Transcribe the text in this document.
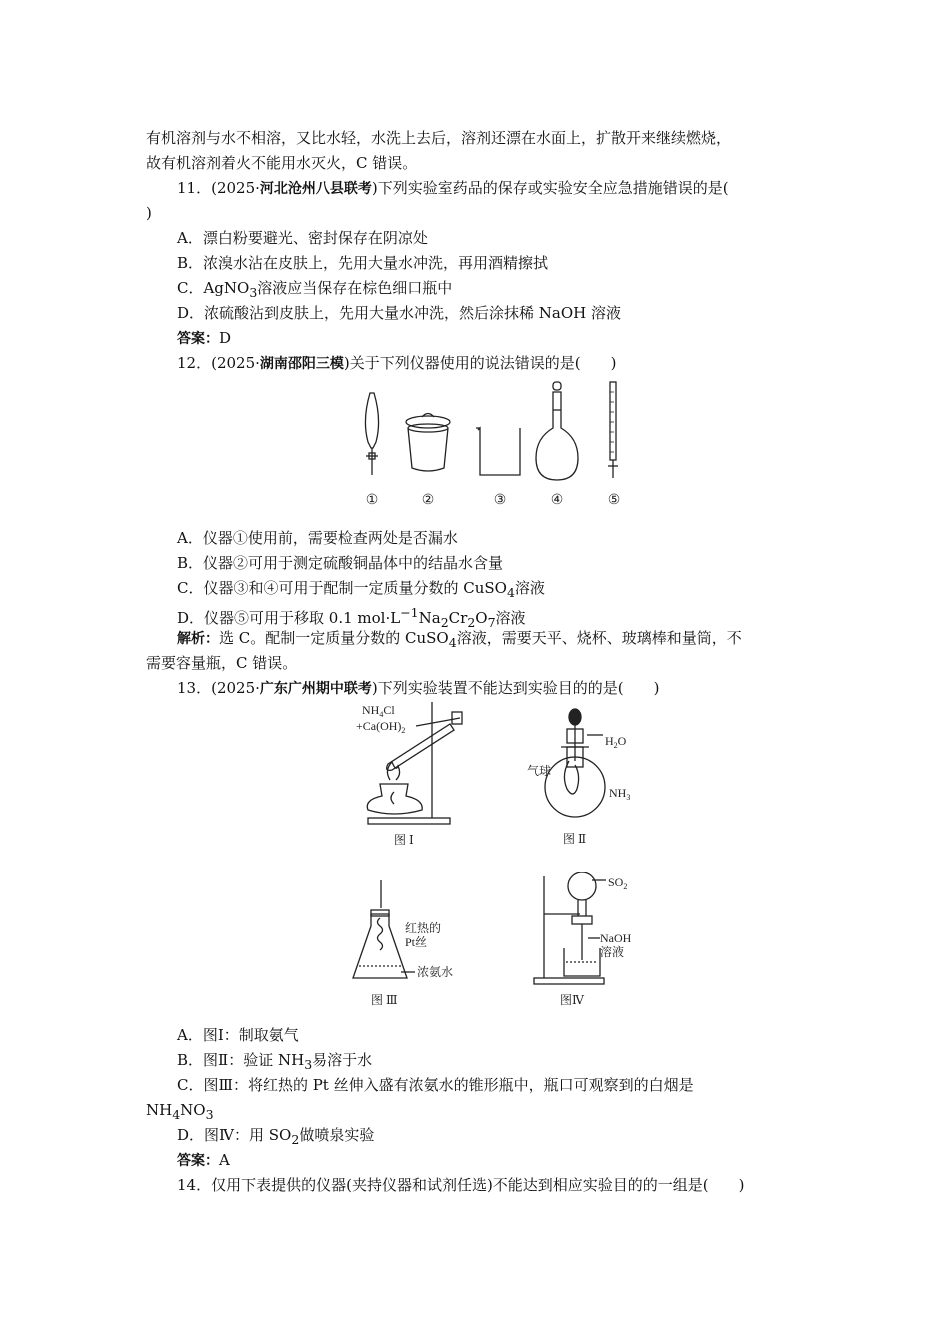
有机溶剂与水不相溶，又比水轻，水洗上去后，溶剂还漂在水面上，扩散开来继续燃烧，
故有机溶剂着火不能用水灭火，C 错误。
11．(2025·河北沧州八县联考)下列实验室药品的保存或实验安全应急措施错误的是(
)
A．漂白粉要避光、密封保存在阴凉处
B．浓溴水沾在皮肤上，先用大量水冲洗，再用酒精擦拭
C．AgNO$_3$溶液应当保存在棕色细口瓶中
D．浓硫酸沾到皮肤上，先用大量水冲洗，然后涂抹稀 NaOH 溶液
答案：D
12．(2025·湖南邵阳三模)关于下列仪器使用的说法错误的是(　　)
①	②	③	④	⑤
A．仪器①使用前，需要检查两处是否漏水
B．仪器②可用于测定硫酸铜晶体中的结晶水含量
C．仪器③和④可用于配制一定质量分数的 CuSO$_4$溶液
D．仪器⑤可用于移取 0.1 $mol\cdot L^{-1}Na_2Cr_2O_7$溶液
解析：选 C。配制一定质量分数的 CuSO$_4$溶液，需要天平、烧杯、玻璃棒和量筒，不
需要容量瓶，C 错误。
13．(2025·广东广州期中联考)下列实验装置不能达到实验目的的是(　　)
$NH_4Cl$
$+Ca(OH)_2$
图 Ⅰ
$H_2O$
气球
$NH_3$
图 Ⅱ
红热的
Pt丝
浓氨水
图 Ⅲ
$SO_2$
NaOH
溶液
图Ⅳ
A．图Ⅰ：制取氨气
B．图Ⅱ：验证 $NH_3$易溶于水
C．图Ⅲ：将红热的 Pt 丝伸入盛有浓氨水的锥形瓶中，瓶口可观察到的白烟是
$NH_4NO_3$
D．图Ⅳ：用 $SO_2$做喷泉实验
答案：A
14．仅用下表提供的仪器(夹持仪器和试剂任选)不能达到相应实验目的的一组是(　　)
